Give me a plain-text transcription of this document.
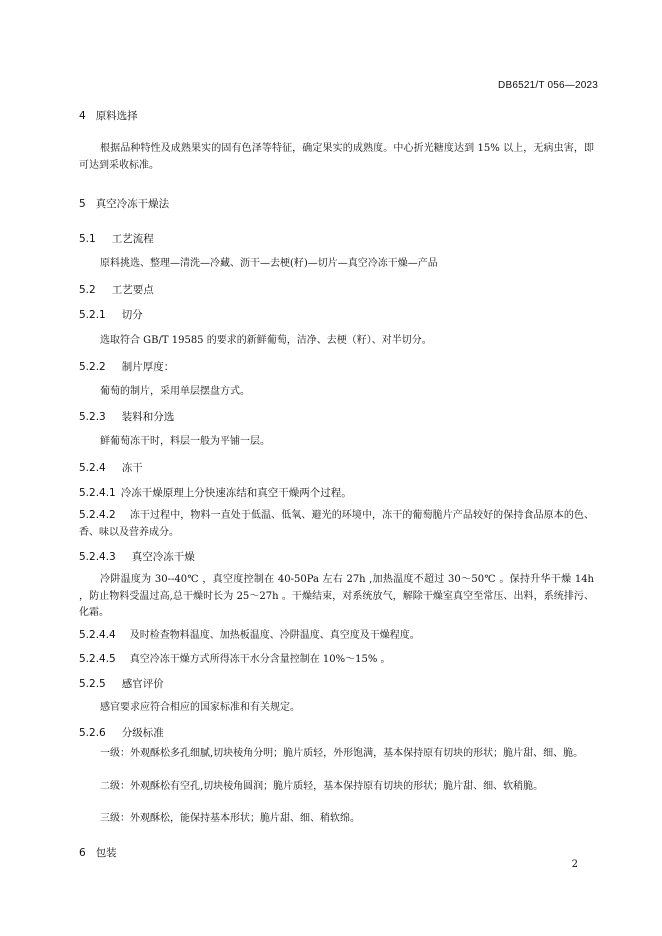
DB6521/T 056—2023
4 原料选择
根据品种特性及成熟果实的固有色泽等特征，确定果实的成熟度。中心折光糖度达到 15% 以上，无病虫害，即可达到采收标准。
5 真空冷冻干燥法
5.1 工艺流程
原料挑选、整理—清洗—冷藏、沥干—去梗(籽)—切片—真空冷冻干燥—产品
5.2 工艺要点
5.2.1 切分
选取符合 GB/T 19585 的要求的新鲜葡萄，洁净、去梗（籽）、对半切分。
5.2.2 制片厚度：
葡萄的制片，采用单层摆盘方式。
5.2.3 装料和分选
鲜葡萄冻干时，料层一般为平铺一层。
5.2.4 冻干
5.2.4.1 冷冻干燥原理上分快速冻结和真空干燥两个过程。
5.2.4.2 冻干过程中，物料一直处于低温、低氧、避光的环境中，冻干的葡萄脆片产品较好的保持食品原本的色、香、味以及营养成分。
5.2.4.3 真空冷冻干燥
冷阱温度为 30--40℃ ，真空度控制在 40-50Pa 左右 27h ,加热温度不超过 30～50℃ 。保持升华干燥 14h ，防止物料受温过高,总干燥时长为 25～27h 。干燥结束，对系统放气，解除干燥室真空至常压、出料，系统排污、化霜。
5.2.4.4 及时检查物料温度、加热板温度、冷阱温度、真空度及干燥程度。
5.2.4.5 真空冷冻干燥方式所得冻干水分含量控制在 10%～15% 。
5.2.5 感官评价
感官要求应符合相应的国家标准和有关规定。
5.2.6 分级标准
一级：外观酥松多孔细腻,切块棱角分明；脆片质轻，外形饱满，基本保持原有切块的形状；脆片甜、细、脆。
二级：外观酥松有空孔,切块棱角圆润；脆片质轻，基本保持原有切块的形状；脆片甜、细、软稍脆。
三级：外观酥松，能保持基本形状；脆片甜、细、稍软绵。
6 包装
2
